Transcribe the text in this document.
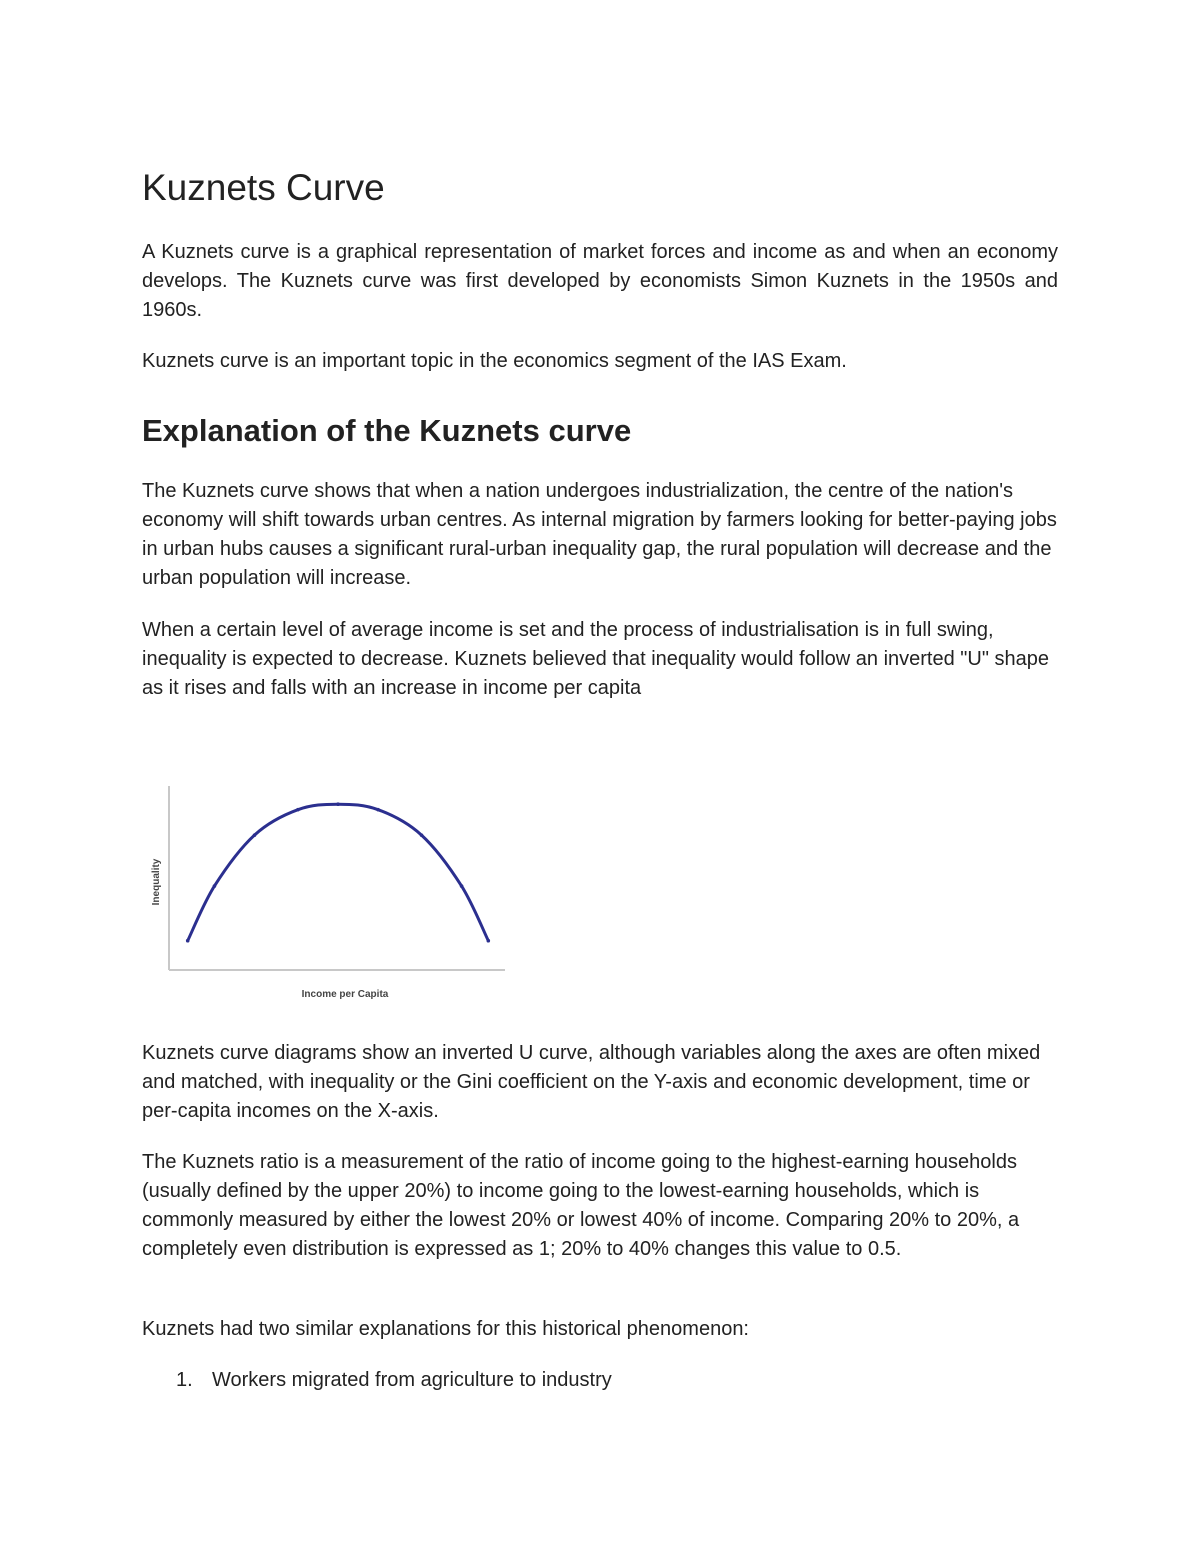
Kuznets Curve

A Kuznets curve is a graphical representation of market forces and income as and when an economy develops. The Kuznets curve was first developed by economists Simon Kuznets in the 1950s and 1960s.

Kuznets curve is an important topic in the economics segment of the IAS Exam.

Explanation of the Kuznets curve

The Kuznets curve shows that when a nation undergoes industrialization, the centre of the nation's economy will shift towards urban centres. As internal migration by farmers looking for better-paying jobs in urban hubs causes a significant rural-urban inequality gap, the rural population will decrease and the urban population will increase.

When a certain level of average income is set and the process of industrialisation is in full swing, inequality is expected to decrease. Kuznets believed that inequality would follow an inverted "U" shape as it rises and falls with an increase in income per capita

Kuznets curve diagrams show an inverted U curve, although variables along the axes are often mixed and matched, with inequality or the Gini coefficient on the Y-axis and economic development, time or per-capita incomes on the X-axis.

The Kuznets ratio is a measurement of the ratio of income going to the highest-earning households (usually defined by the upper 20%) to income going to the lowest-earning households, which is commonly measured by either the lowest 20% or lowest 40% of income. Comparing 20% to 20%, a completely even distribution is expressed as 1; 20% to 40% changes this value to 0.5.

Kuznets had two similar explanations for this historical phenomenon:

1. Workers migrated from agriculture to industry
Inequality
Income per Capita
